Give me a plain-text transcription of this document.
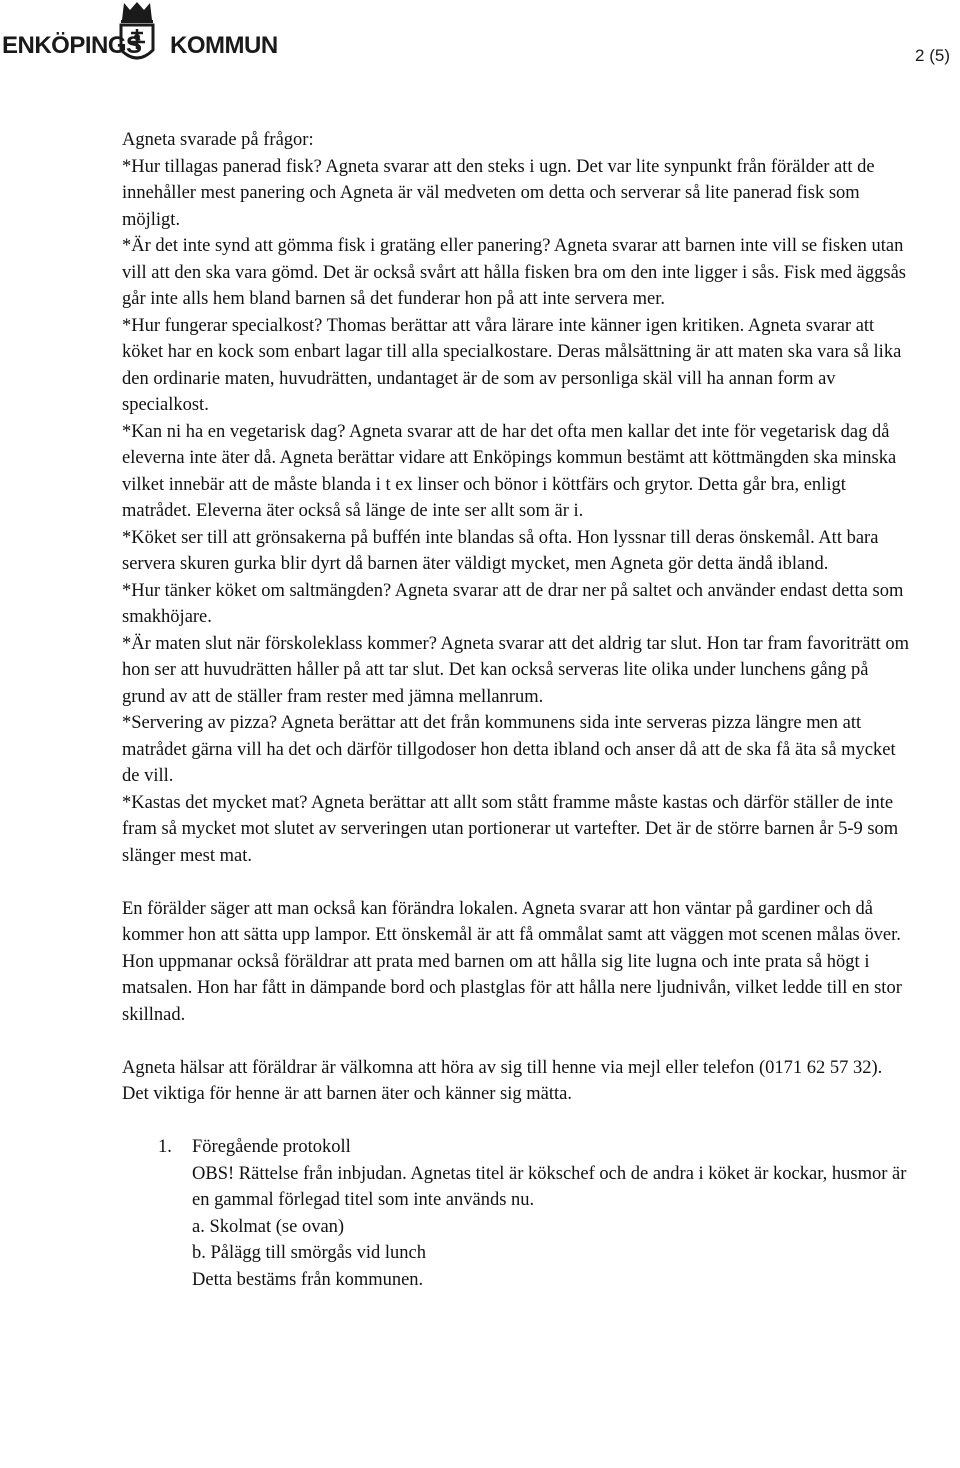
ENKÖPINGS KOMMUN	2 (5)

Agneta svarade på frågor:

*Hur tillagas panerad fisk? Agneta svarar att den steks i ugn. Det var lite synpunkt från förälder att de innehåller mest panering och Agneta är väl medveten om detta och serverar så lite panerad fisk som möjligt.

*Är det inte synd att gömma fisk i gratäng eller panering? Agneta svarar att barnen inte vill se fisken utan vill att den ska vara gömd. Det är också svårt att hålla fisken bra om den inte ligger i sås. Fisk med äggsås går inte alls hem bland barnen så det funderar hon på att inte servera mer.

*Hur fungerar specialkost? Thomas berättar att våra lärare inte känner igen kritiken. Agneta svarar att köket har en kock som enbart lagar till alla specialkostare. Deras målsättning är att maten ska vara så lika den ordinarie maten, huvudrätten, undantaget är de som av personliga skäl vill ha annan form av specialkost.

*Kan ni ha en vegetarisk dag? Agneta svarar att de har det ofta men kallar det inte för vegetarisk dag då eleverna inte äter då. Agneta berättar vidare att Enköpings kommun bestämt att köttmängden ska minska vilket innebär att de måste blanda i t ex linser och bönor i köttfärs och grytor. Detta går bra, enligt matrådet. Eleverna äter också så länge de inte ser allt som är i.

*Köket ser till att grönsakerna på buffén inte blandas så ofta. Hon lyssnar till deras önskemål. Att bara servera skuren gurka blir dyrt då barnen äter väldigt mycket, men Agneta gör detta ändå ibland.

*Hur tänker köket om saltmängden? Agneta svarar att de drar ner på saltet och använder endast detta som smakhöjare.

*Är maten slut när förskoleklass kommer? Agneta svarar att det aldrig tar slut. Hon tar fram favoriträtt om hon ser att huvudrätten håller på att tar slut. Det kan också serveras lite olika under lunchens gång på grund av att de ställer fram rester med jämna mellanrum.

*Servering av pizza? Agneta berättar att det från kommunens sida inte serveras pizza längre men att matrådet gärna vill ha det och därför tillgodoser hon detta ibland och anser då att de ska få äta så mycket de vill.

*Kastas det mycket mat? Agneta berättar att allt som stått framme måste kastas och därför ställer de inte fram så mycket mot slutet av serveringen utan portionerar ut vartefter. Det är de större barnen år 5-9 som slänger mest mat.

En förälder säger att man också kan förändra lokalen. Agneta svarar att hon väntar på gardiner och då kommer hon att sätta upp lampor. Ett önskemål är att få ommålat samt att väggen mot scenen målas över. Hon uppmanar också föräldrar att prata med barnen om att hålla sig lite lugna och inte prata så högt i matsalen. Hon har fått in dämpande bord och plastglas för att hålla nere ljudnivån, vilket ledde till en stor skillnad.

Agneta hälsar att föräldrar är välkomna att höra av sig till henne via mejl eller telefon (0171 62 57 32). Det viktiga för henne är att barnen äter och känner sig mätta.

1. Föregående protokoll

OBS! Rättelse från inbjudan. Agnetas titel är kökschef och de andra i köket är kockar, husmor är en gammal förlegad titel som inte används nu.

a. Skolmat (se ovan)

b. Pålägg till smörgås vid lunch

Detta bestäms från kommunen.
